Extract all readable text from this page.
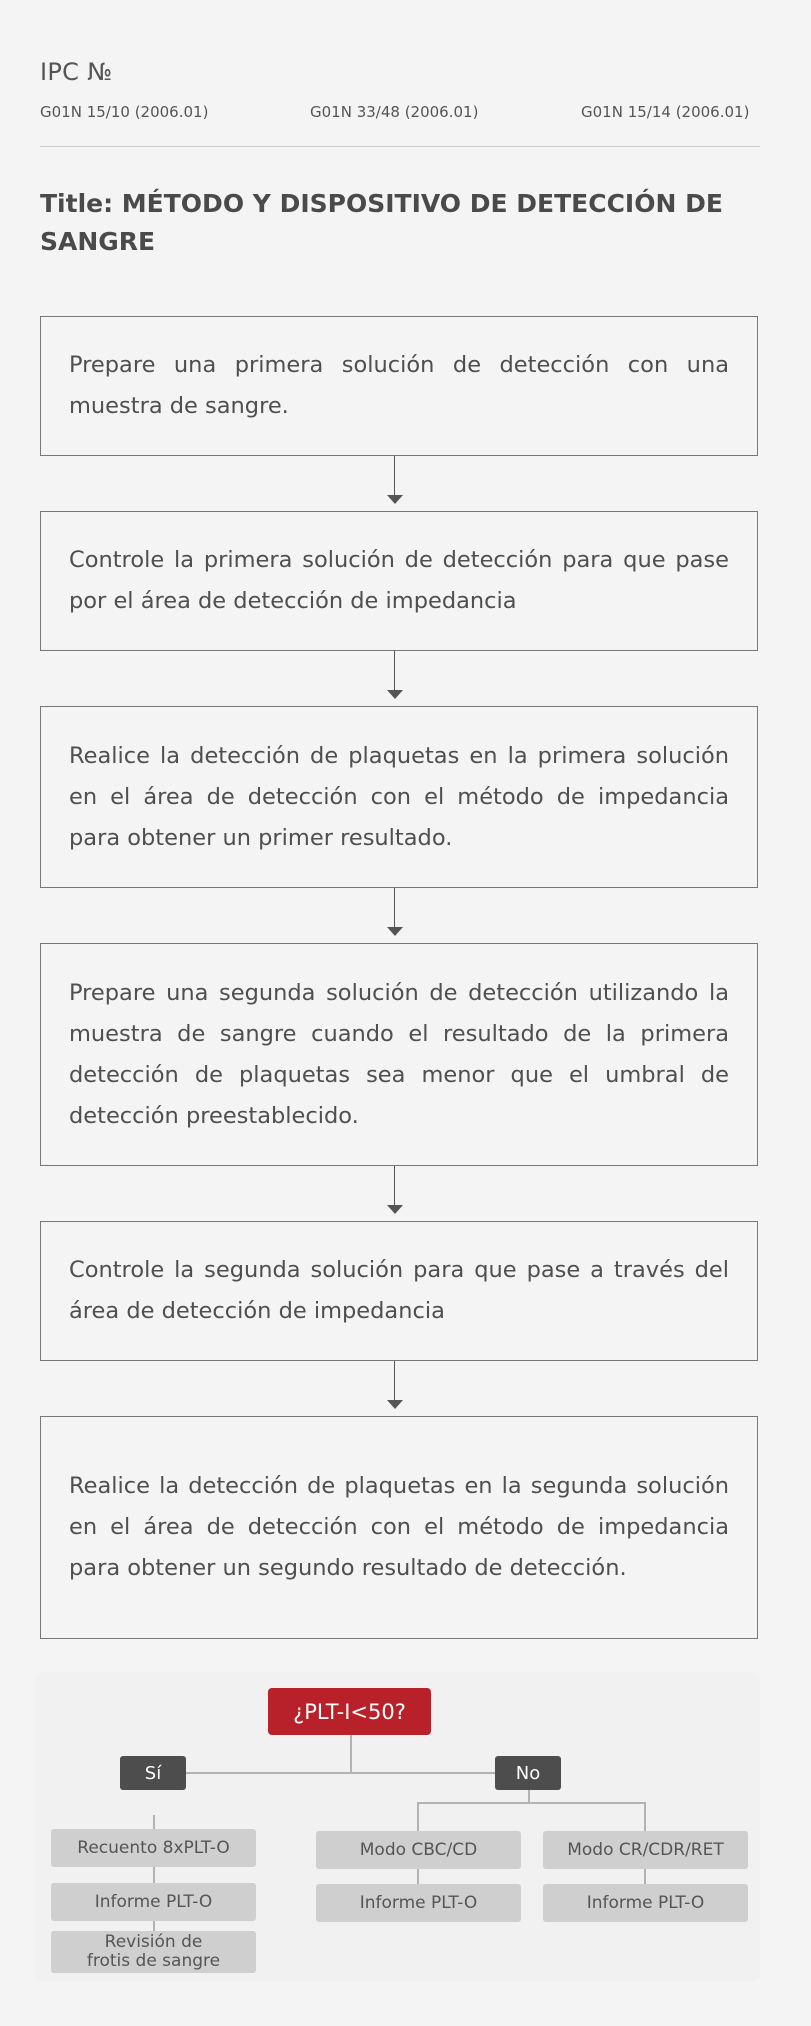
IPC №
G01N 15/10 (2006.01)	G01N 33/48 (2006.01)	G01N 15/14 (2006.01)
Title: MÉTODO Y DISPOSITIVO DE DETECCIÓN DE SANGRE
Prepare una primera solución de detección con una muestra de sangre.
Controle la primera solución de detección para que pase por el área de detección de impedancia
Realice la detección de plaquetas en la primera solución en el área de detección con el método de impedancia para obtener un primer resultado.
Prepare una segunda solución de detección utilizando la muestra de sangre cuando el resultado de la primera detección de plaquetas sea menor que el umbral de detección preestablecido.
Controle la segunda solución para que pase a través del área de detección de impedancia
Realice la detección de plaquetas en la segunda solución en el área de detección con el método de impedancia para obtener un segundo resultado de detección.
¿PLT-I<50?
Sí	No
Recuento 8xPLT-O
Informe PLT-O
Revisión de frotis de sangre
Modo CBC/CD
Informe PLT-O
Modo CR/CDR/RET
Informe PLT-O
